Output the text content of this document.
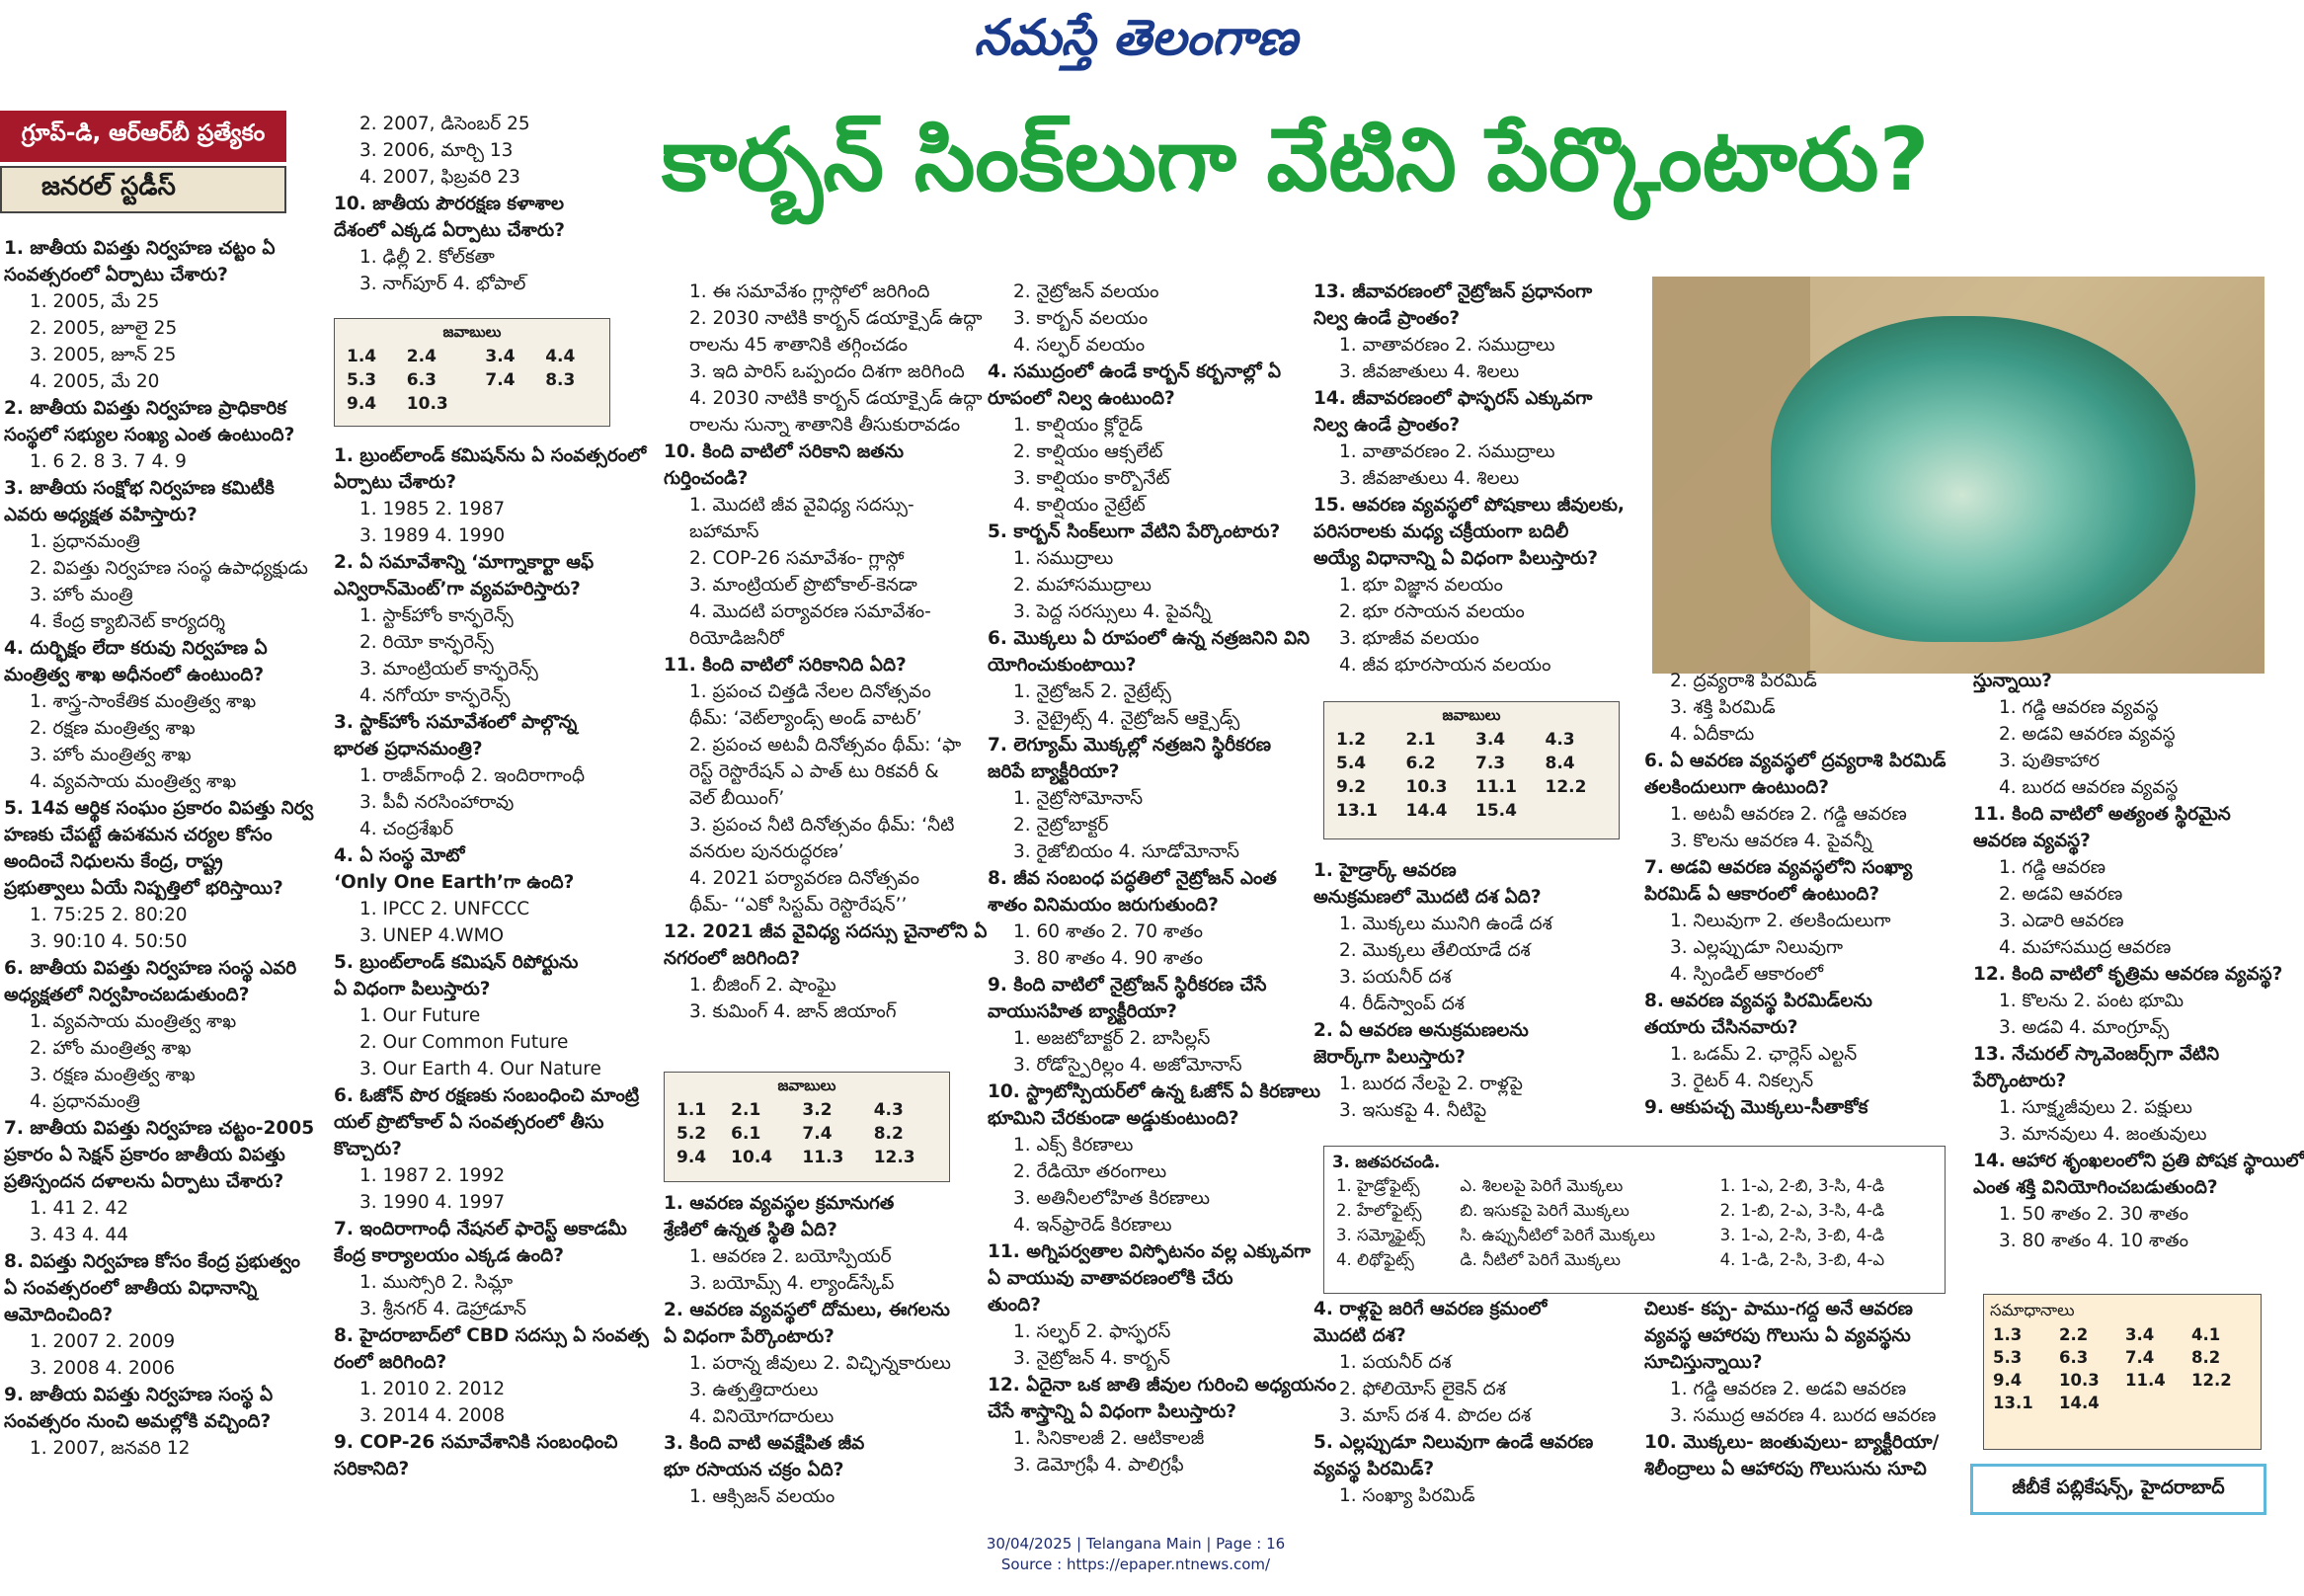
నమస్తే తెలంగాణ
గ్రూప్‌-డి, ఆర్‌ఆర్‌బీ ప్రత్యేకం
జనరల్‌ స్టడీస్‌	కార్బన్‌ సింక్‌లుగా వేటిని పేర్కొంటారు?

1. జాతీయ విపత్తు నిర్వహణ చట్టం ఏ

సంవత్సరంలో ఏర్పాటు చేశారు?

1. 2005, మే 25

2. 2005, జూలై 25

3. 2005, జూన్‌ 25

4. 2005, మే 20

2. జాతీయ విపత్తు నిర్వహణ ప్రాధికారిక

సంస్థలో సభ్యుల సంఖ్య ఎంత ఉంటుంది?

1. 6 2. 8 3. 7 4. 9

3. జాతీయ సంక్షోభ నిర్వహణ కమిటీకి

ఎవరు అధ్యక్షత వహిస్తారు?

1. ప్రధానమంత్రి

2. విపత్తు నిర్వహణ సంస్థ ఉపాధ్యక్షుడు

3. హోం మంత్రి

4. కేంద్ర క్యాబినెట్‌ కార్యదర్శి

4. దుర్భిక్షం లేదా కరువు నిర్వహణ ఏ

మంత్రిత్వ శాఖ అధీనంలో ఉంటుంది?

1. శాస్త్ర-సాంకేతిక మంత్రిత్వ శాఖ

2. రక్షణ మంత్రిత్వ శాఖ

3. హోం మంత్రిత్వ శాఖ

4. వ్యవసాయ మంత్రిత్వ శాఖ

5. 14వ ఆర్థిక సంఘం ప్రకారం విపత్తు నిర్వ

హణకు చేపట్టే ఉపశమన చర్యల కోసం

అందించే నిధులను కేంద్ర, రాష్ట్ర

ప్రభుత్వాలు ఏయే నిష్పత్తిలో భరిస్తాయి?

1. 75:25 2. 80:20

3. 90:10 4. 50:50

6. జాతీయ విపత్తు నిర్వహణ సంస్థ ఎవరి

అధ్యక్షతలో నిర్వహించబడుతుంది?

1. వ్యవసాయ మంత్రిత్వ శాఖ

2. హోం మంత్రిత్వ శాఖ

3. రక్షణ మంత్రిత్వ శాఖ

4. ప్రధానమంత్రి

7. జాతీయ విపత్తు నిర్వహణ చట్టం-2005

ప్రకారం ఏ సెక్షన్‌ ప్రకారం జాతీయ విపత్తు

ప్రతిస్పందన దళాలను ఏర్పాటు చేశారు?

1. 41 2. 42

3. 43 4. 44

8. విపత్తు నిర్వహణ కోసం కేంద్ర ప్రభుత్వం

ఏ సంవత్సరంలో జాతీయ విధానాన్ని

ఆమోదించింది?

1. 2007 2. 2009

3. 2008 4. 2006

9. జాతీయ విపత్తు నిర్వహణ సంస్థ ఏ

సంవత్సరం నుంచి అమల్లోకి వచ్చింది?

1. 2007, జనవరి 12

2. 2007, డిసెంబర్‌ 25

3. 2006, మార్చి 13

4. 2007, ఫిబ్రవరి 23

10. జాతీయ పౌరరక్షణ కళాశాల

దేశంలో ఎక్కడ ఏర్పాటు చేశారు?

1. ఢిల్లీ 2. కోల్‌కతా

3. నాగ్‌పూర్‌ 4. భోపాల్‌

జవాబులు
1.4	2.4	3.4	4.4
5.3	6.3	7.4	8.3
9.4	10.3		

1. బ్రుంట్‌లాండ్‌ కమిషన్‌ను ఏ సంవత్సరంలో

ఏర్పాటు చేశారు?

1. 1985 2. 1987

3. 1989 4. 1990

2. ఏ సమావేశాన్ని ‘మాగ్నాకార్టా ఆఫ్‌

ఎన్విరాన్‌మెంట్‌’గా వ్యవహరిస్తారు?

1. స్టాక్‌హోం కాన్ఫరెన్స్‌

2. రియో కాన్ఫరెన్స్‌

3. మాంట్రియల్‌ కాన్ఫరెన్స్‌

4. నగోయా కాన్ఫరెన్స్‌

3. స్టాక్‌హోం సమావేశంలో పాల్గొన్న

భారత ప్రధానమంత్రి?

1. రాజీవ్‌గాంధీ 2. ఇందిరాగాంధీ

3. పీవీ నరసింహారావు

4. చంద్రశేఖర్‌

4. ఏ సంస్థ మోటో

‘Only One Earth’గా ఉంది?

1. IPCC 2. UNFCCC

3. UNEP 4.WMO

5. బ్రుంట్‌లాండ్‌ కమిషన్‌ రిపోర్టును

ఏ విధంగా పిలుస్తారు?

1. Our Future

2. Our Common Future

3. Our Earth 4. Our Nature

6. ఓజోన్‌ పొర రక్షణకు సంబంధించి మాంట్రి

యల్‌ ప్రొటోకాల్‌ ఏ సంవత్సరంలో తీసు

కొచ్చారు?

1. 1987 2. 1992

3. 1990 4. 1997

7. ఇందిరాగాంధీ నేషనల్‌ ఫారెస్ట్‌ అకాడమీ

కేంద్ర కార్యాలయం ఎక్కడ ఉంది?

1. ముస్సోరి 2. సిమ్లా

3. శ్రీనగర్‌ 4. డెహ్రాడూన్‌

8. హైదరాబాద్‌లో CBD సదస్సు ఏ సంవత్స

రంలో జరిగింది?

1. 2010 2. 2012

3. 2014 4. 2008

9. COP-26 సమావేశానికి సంబంధించి

సరికానిది?

1. ఈ సమావేశం గ్లాస్గోలో జరిగింది

2. 2030 నాటికి కార్బన్‌ డయాక్సైడ్‌ ఉద్గా

రాలను 45 శాతానికి తగ్గించడం

3. ఇది పారిస్‌ ఒప్పందం దిశగా జరిగింది

4. 2030 నాటికి కార్బన్‌ డయాక్సైడ్‌ ఉద్గా

రాలను సున్నా శాతానికి తీసుకురావడం

10. కింది వాటిలో సరికాని జతను

గుర్తించండి?

1. మొదటి జీవ వైవిధ్య సదస్సు-

బహామాస్‌

2. COP-26 సమావేశం- గ్లాస్గో

3. మాంట్రియల్‌ ప్రొటోకాల్‌-కెనడా

4. మొదటి పర్యావరణ సమావేశం-

రియోడిజనీరో

11. కింది వాటిలో సరికానిది ఏది?

1. ప్రపంచ చిత్తడి నేలల దినోత్సవం

థీమ్‌: ‘వెట్‌ల్యాండ్స్‌ అండ్‌ వాటర్‌’

2. ప్రపంచ అటవీ దినోత్సవం థీమ్‌: ‘ఫా

రెస్ట్‌ రెస్టొరేషన్‌ ఎ పాత్‌ టు రికవరీ &

వెల్‌ బీయింగ్‌’

3. ప్రపంచ నీటి దినోత్సవం థీమ్‌: ‘నీటి

వనరుల పునరుద్ధరణ’

4. 2021 పర్యావరణ దినోత్సవం

థీమ్‌- ‘‘ఎకో సిస్టమ్‌ రెస్టొరేషన్‌’’

12. 2021 జీవ వైవిధ్య సదస్సు చైనాలోని ఏ

నగరంలో జరిగింది?

1. బీజింగ్‌ 2. షాంఘై

3. కుమింగ్‌ 4. జాన్‌ జియాంగ్‌

జవాబులు
1.1	2.1	3.2	4.3
5.2	6.1	7.4	8.2
9.4	10.4	11.3	12.3

1. ఆవరణ వ్యవస్థల క్రమానుగత

శ్రేణిలో ఉన్నత స్థితి ఏది?

1. ఆవరణ 2. బయోస్పియర్‌

3. బయోమ్స్‌ 4. ల్యాండ్‌స్కేప్‌

2. ఆవరణ వ్యవస్థలో దోమలు, ఈగలను

ఏ విధంగా పేర్కొంటారు?

1. పరాన్న జీవులు 2. విచ్ఛిన్నకారులు

3. ఉత్పత్తిదారులు

4. వినియోగదారులు

3. కింది వాటి అవక్షేపిత జీవ

భూ రసాయన చక్రం ఏది?

1. ఆక్సిజన్‌ వలయం

2. నైట్రోజన్‌ వలయం

3. కార్బన్‌ వలయం

4. సల్ఫర్‌ వలయం

4. సముద్రంలో ఉండే కార్బన్‌ కర్బనాల్లో ఏ

రూపంలో నిల్వ ఉంటుంది?

1. కాల్షియం క్లోరైడ్‌

2. కాల్షియం ఆక్సలేట్‌

3. కాల్షియం కార్బొనేట్‌

4. కాల్షియం నైట్రేట్‌

5. కార్బన్‌ సింక్‌లుగా వేటిని పేర్కొంటారు?

1. సముద్రాలు

2. మహాసముద్రాలు

3. పెద్ద సరస్సులు 4. పైవన్నీ

6. మొక్కలు ఏ రూపంలో ఉన్న నత్రజనిని విని

యోగించుకుంటాయి?

1. నైట్రోజన్‌ 2. నైట్రేట్స్‌

3. నైట్రైట్స్‌ 4. నైట్రోజన్‌ ఆక్సైడ్స్‌

7. లెగ్యూమ్‌ మొక్కల్లో నత్రజని స్థిరీకరణ

జరిపే బ్యాక్టీరియా?

1. నైట్రోసోమోనాస్‌

2. నైట్రోబాక్టర్‌

3. రైజోబియం 4. సూడోమోనాస్‌

8. జీవ సంబంధ పద్ధతిలో నైట్రోజన్‌ ఎంత

శాతం వినిమయం జరుగుతుంది?

1. 60 శాతం 2. 70 శాతం

3. 80 శాతం 4. 90 శాతం

9. కింది వాటిలో నైట్రోజన్‌ స్థిరీకరణ చేసే

వాయుసహిత బ్యాక్టీరియా?

1. అజటోబాక్టర్‌ 2. బాసిల్లస్‌

3. రోడోస్పైరిల్లం 4. అజోమోనాస్‌

10. స్ట్రాటోస్పియర్‌లో ఉన్న ఓజోన్‌ ఏ కిరణాలు

భూమిని చేరకుండా అడ్డుకుంటుంది?

1. ఎక్స్‌ కిరణాలు

2. రేడియో తరంగాలు

3. అతినీలలోహిత కిరణాలు

4. ఇన్‌ఫ్రారెడ్‌ కిరణాలు

11. అగ్నిపర్వతాల విస్ఫోటనం వల్ల ఎక్కువగా

ఏ వాయువు వాతావరణంలోకి చేరు

తుంది?

1. సల్ఫర్‌ 2. ఫాస్ఫరస్‌

3. నైట్రోజన్‌ 4. కార్బన్‌

12. ఏదైనా ఒక జాతి జీవుల గురించి అధ్యయనం

చేసే శాస్త్రాన్ని ఏ విధంగా పిలుస్తారు?

1. సినికాలజీ 2. ఆటికాలజీ

3. డెమోగ్రఫీ 4. పాలిగ్రఫీ

13. జీవావరణంలో నైట్రోజన్‌ ప్రధానంగా

నిల్వ ఉండే ప్రాంతం?

1. వాతావరణం 2. సముద్రాలు

3. జీవజాతులు 4. శిలలు

14. జీవావరణంలో ఫాస్ఫరస్‌ ఎక్కువగా

నిల్వ ఉండే ప్రాంతం?

1. వాతావరణం 2. సముద్రాలు

3. జీవజాతులు 4. శిలలు

15. ఆవరణ వ్యవస్థలో పోషకాలు జీవులకు,

పరిసరాలకు మధ్య చక్రీయంగా బదిలీ

అయ్యే విధానాన్ని ఏ విధంగా పిలుస్తారు?

1. భూ విజ్ఞాన వలయం

2. భూ రసాయన వలయం

3. భూజీవ వలయం

4. జీవ భూరసాయన వలయం

జవాబులు
1.2	2.1	3.4	4.3
5.4	6.2	7.3	8.4
9.2	10.3	11.1	12.2
13.1	14.4	15.4	

1. హైడ్రార్క్‌ ఆవరణ

అనుక్రమణలో మొదటి దశ ఏది?

1. మొక్కలు మునిగి ఉండే దశ

2. మొక్కలు తేలియాడే దశ

3. పయనీర్‌ దశ

4. రీడ్‌స్వాంప్‌ దశ

2. ఏ ఆవరణ అనుక్రమణలను

జెరార్క్‌గా పిలుస్తారు?

1. బురద నేలపై 2. రాళ్లపై

3. ఇసుకపై 4. నీటిపై

3. జతపరచండి.
1. హైడ్రోఫైట్స్‌	ఎ. శిలలపై పెరిగే మొక్కలు	1. 1-ఎ, 2-బి, 3-సి, 4-డి
2. హేలోఫైట్స్‌	బి. ఇసుకపై పెరిగే మొక్కలు	2. 1-బి, 2-ఎ, 3-సి, 4-డి
3. సమ్మోఫైట్స్‌	సి. ఉప్పునీటిలో పెరిగే మొక్కలు	3. 1-ఎ, 2-సి, 3-బి, 4-డి
4. లిథోఫైట్స్‌	డి. నీటిలో పెరిగే మొక్కలు	4. 1-డి, 2-సి, 3-బి, 4-ఎ

4. రాళ్లపై జరిగే ఆవరణ క్రమంలో

మొదటి దశ?

1. పయనీర్‌ దశ

2. ఫోలియోస్‌ లైకెన్‌ దశ

3. మాస్‌ దశ 4. పొదల దశ

5. ఎల్లప్పుడూ నిలువుగా ఉండే ఆవరణ

వ్యవస్థ పిరమిడ్‌?

1. సంఖ్యా పిరమిడ్‌

2. ద్రవ్యరాశి పిరమిడ్‌

3. శక్తి పిరమిడ్‌

4. ఏదీకాదు

6. ఏ ఆవరణ వ్యవస్థలో ద్రవ్యరాశి పిరమిడ్‌

తలకిందులుగా ఉంటుంది?

1. అటవీ ఆవరణ 2. గడ్డి ఆవరణ

3. కొలను ఆవరణ 4. పైవన్నీ

7. అడవి ఆవరణ వ్యవస్థలోని సంఖ్యా

పిరమిడ్‌ ఏ ఆకారంలో ఉంటుంది?

1. నిలువుగా 2. తలకిందులుగా

3. ఎల్లప్పుడూ నిలువుగా

4. స్పిండిల్‌ ఆకారంలో

8. ఆవరణ వ్యవస్థ పిరమిడ్‌లను

తయారు చేసినవారు?

1. ఒడమ్‌ 2. ఛార్లెస్‌ ఎల్టన్‌

3. రైటర్‌ 4. నికల్సన్‌

9. ఆకుపచ్చ మొక్కలు-సీతాకోక

చిలుక- కప్ప- పాము-గద్ద అనే ఆవరణ

వ్యవస్థ ఆహారపు గొలుసు ఏ వ్యవస్థను

సూచిస్తున్నాయి?

1. గడ్డి ఆవరణ 2. అడవి ఆవరణ

3. సముద్ర ఆవరణ 4. బురద ఆవరణ

10. మొక్కలు- జంతువులు- బ్యాక్టీరియా/

శిలీంద్రాలు ఏ ఆహారపు గొలుసును సూచి

స్తున్నాయి?

1. గడ్డి ఆవరణ వ్యవస్థ

2. అడవి ఆవరణ వ్యవస్థ

3. పుతికాహార

4. బురద ఆవరణ వ్యవస్థ

11. కింది వాటిలో అత్యంత స్థిరమైన

ఆవరణ వ్యవస్థ?

1. గడ్డి ఆవరణ

2. అడవి ఆవరణ

3. ఎడారి ఆవరణ

4. మహాసముద్ర ఆవరణ

12. కింది వాటిలో కృత్రిమ ఆవరణ వ్యవస్థ?

1. కొలను 2. పంట భూమి

3. అడవి 4. మాంగ్రూవ్స్‌

13. నేచురల్‌ స్కావెంజర్స్‌గా వేటిని

పేర్కొంటారు?

1. సూక్ష్మజీవులు 2. పక్షులు

3. మానవులు 4. జంతువులు

14. ఆహార శృంఖలంలోని ప్రతి పోషక స్థాయిలో

ఎంత శక్తి వినియోగించబడుతుంది?

1. 50 శాతం 2. 30 శాతం

3. 80 శాతం 4. 10 శాతం

సమాధానాలు
1.3	2.2	3.4	4.1
5.3	6.3	7.4	8.2
9.4	10.3	11.4	12.2
13.1	14.4		
జీబీకే పబ్లికేషన్స్‌, హైదరాబాద్‌
30/04/2025 | Telangana Main | Page : 16
Source : https://epaper.ntnews.com/
